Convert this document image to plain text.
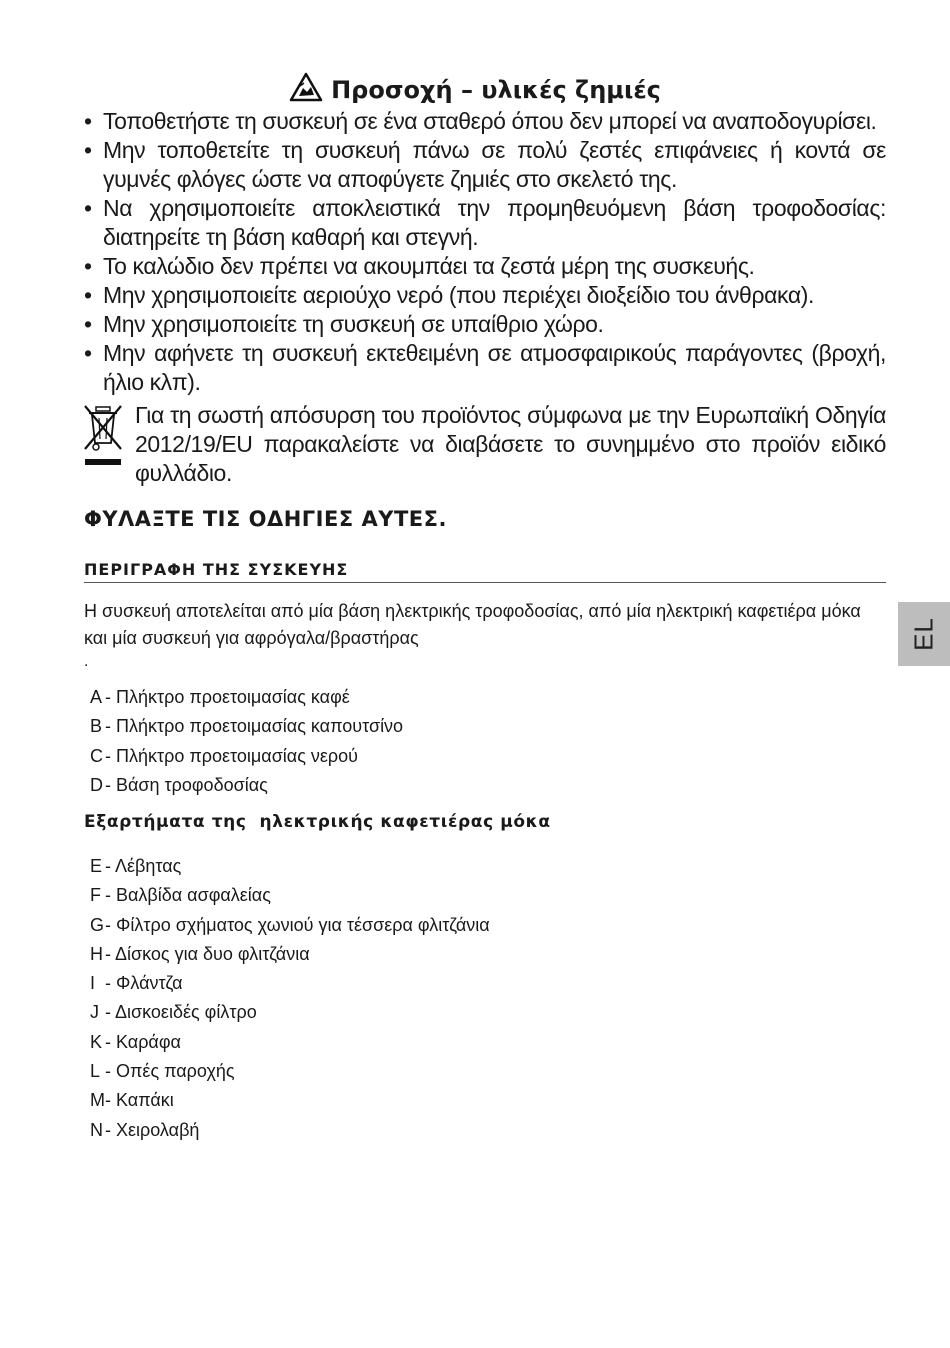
Προσοχή – υλικές ζημιές
• Τοποθετήστε τη συσκευή σε ένα σταθερό όπου δεν μπορεί να αναποδογυρίσει.
• Μην τοποθετείτε τη συσκευή πάνω σε πολύ ζεστές επιφάνειες ή κοντά σε γυμνές φλόγες ώστε να αποφύγετε ζημιές στο σκελετό της.
• Να χρησιμοποιείτε αποκλειστικά την προμηθευόμενη βάση τροφοδοσίας: διατηρείτε τη βάση καθαρή και στεγνή.
• Το καλώδιο δεν πρέπει να ακουμπάει τα ζεστά μέρη της συσκευής.
• Μην χρησιμοποιείτε αεριούχο νερό (που περιέχει διοξείδιο του άνθρακα).
• Μην χρησιμοποιείτε τη συσκευή σε υπαίθριο χώρο.
• Μην αφήνετε τη συσκευή εκτεθειμένη σε ατμοσφαιρικούς παράγοντες (βροχή, ήλιο κλπ).

Για τη σωστή απόσυρση του προϊόντος σύμφωνα με την Ευρωπαϊκή Οδηγία 2012/19/EU παρακαλείστε να διαβάσετε το συνημμένο στο προϊόν ειδικό φυλλάδιο.

ΦΥΛΑΞΤΕ ΤΙΣ ΟΔΗΓΙΕΣ ΑΥΤΕΣ.
ΠΕΡΙΓΡΑΦΗ ΤΗΣ ΣΥΣΚΕΥΗΣ

Η συσκευή αποτελείται από μία βάση ηλεκτρικής τροφοδοσίας, από μία ηλεκτρική καφετιέρα μόκα και μία συσκευή για αφρόγαλα/βραστήρας

.
A - Πλήκτρο προετοιμασίας καφέ
B - Πλήκτρο προετοιμασίας καπουτσίνο
C - Πλήκτρο προετοιμασίας νερού
D - Βάση τροφοδοσίας
Εξαρτήματα της  ηλεκτρικής καφετιέρας μόκα
E - Λέβητας
F - Βαλβίδα ασφαλείας
G- Φίλτρο σχήματος χωνιού για τέσσερα φλιτζάνια
H - Δίσκος για δυο φλιτζάνια
I - Φλάντζα
J - Δισκοειδές φίλτρο
K - Καράφα
L - Οπές παροχής
M- Καπάκι
N - Χειρολαβή
EL
